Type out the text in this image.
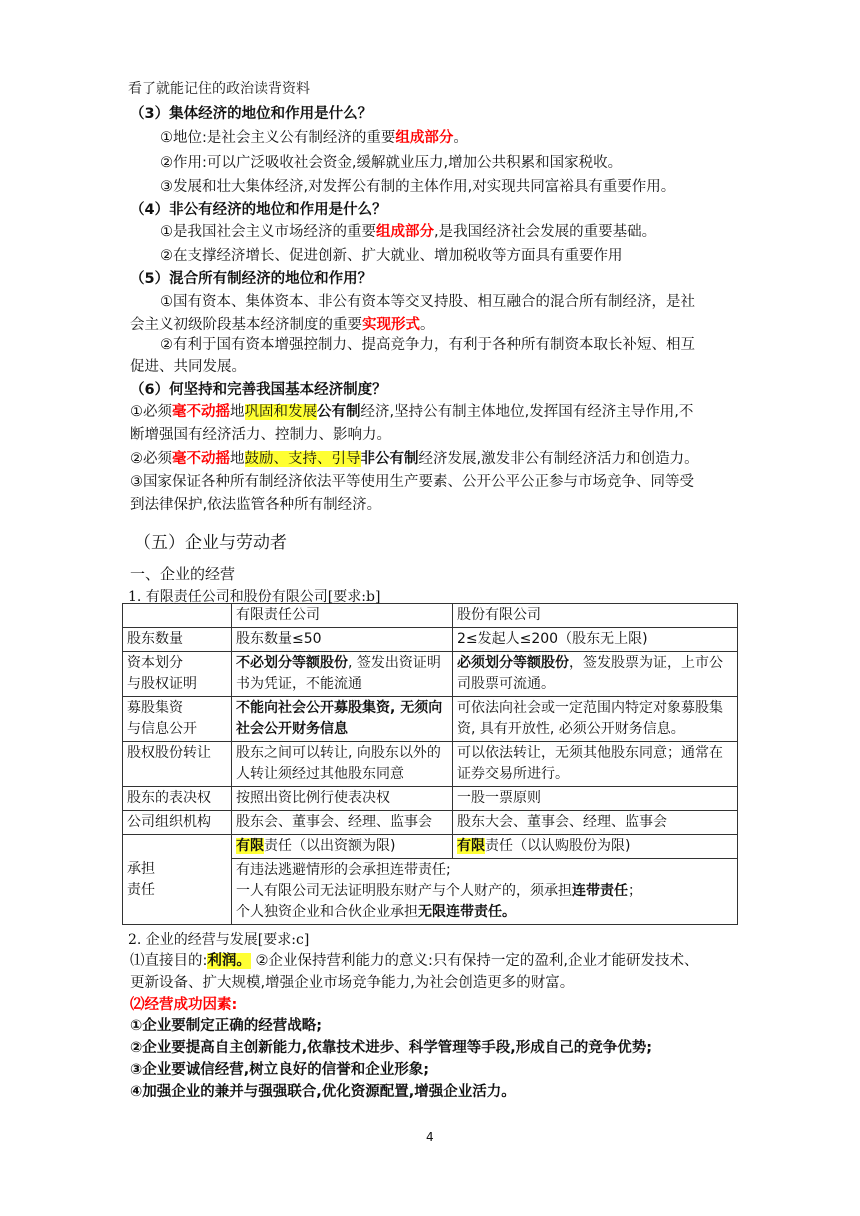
看了就能记住的政治读背资料
（3）集体经济的地位和作用是什么？
①地位:是社会主义公有制经济的重要组成部分。
②作用:可以广泛吸收社会资金,缓解就业压力,增加公共积累和国家税收。
③发展和壮大集体经济,对发挥公有制的主体作用,对实现共同富裕具有重要作用。
（4）非公有经济的地位和作用是什么？
①是我国社会主义市场经济的重要组成部分,是我国经济社会发展的重要基础。
②在支撑经济增长、促进创新、扩大就业、增加税收等方面具有重要作用
（5）混合所有制经济的地位和作用？
①国有资本、集体资本、非公有资本等交叉持股、相互融合的混合所有制经济，是社
会主义初级阶段基本经济制度的重要实现形式。
②有利于国有资本增强控制力、提高竞争力，有利于各种所有制资本取长补短、相互
促进、共同发展。
（6）何坚持和完善我国基本经济制度？
①必须毫不动摇地巩固和发展公有制经济,坚持公有制主体地位,发挥国有经济主导作用,不
断增强国有经济活力、控制力、影响力。
②必须毫不动摇地鼓励、支持、引导非公有制经济发展,激发非公有制经济活力和创造力。
③国家保证各种所有制经济依法平等使用生产要素、公开公平公正参与市场竞争、同等受
到法律保护,依法监管各种所有制经济。
（五）企业与劳动者
一、企业的经营
1. 有限责任公司和股份有限公司[要求:b]
	有限责任公司	股份有限公司
股东数量	股东数量≤50	2≤发起人≤200（股东无上限)
资本划分
与股权证明	不必划分等额股份, 签发出资证明书为凭证，不能流通	必须划分等额股份，签发股票为证，上市公司股票可流通。
募股集资
与信息公开	不能向社会公开募股集资, 无须向社会公开财务信息	可依法向社会或一定范围内特定对象募股集资, 具有开放性, 必须公开财务信息。
股权股份转让	股东之间可以转让, 向股东以外的人转让须经过其他股东同意	可以依法转让，无须其他股东同意；通常在证券交易所进行。
股东的表决权	按照出资比例行使表决权	一股一票原则
公司组织机构	股东会、董事会、经理、监事会	股东大会、董事会、经理、监事会
承担
责任	有限责任（以出资额为限)	有限责任（以认购股份为限)

	有违法逃避情形的会承担连带责任;
一人有限公司无法证明股东财产与个人财产的，须承担连带责任；
个人独资企业和合伙企业承担无限连带责任。	
2. 企业的经营与发展[要求:c]
⑴直接目的:利润。 ②企业保持营利能力的意义:只有保持一定的盈利,企业才能研发技术、
更新设备、扩大规模,增强企业市场竞争能力,为社会创造更多的财富。
⑵经营成功因素:
①企业要制定正确的经营战略;
②企业要提高自主创新能力,依靠技术进步、科学管理等手段,形成自己的竞争优势;
③企业要诚信经营,树立良好的信誉和企业形象;
④加强企业的兼并与强强联合,优化资源配置,增强企业活力。
4
